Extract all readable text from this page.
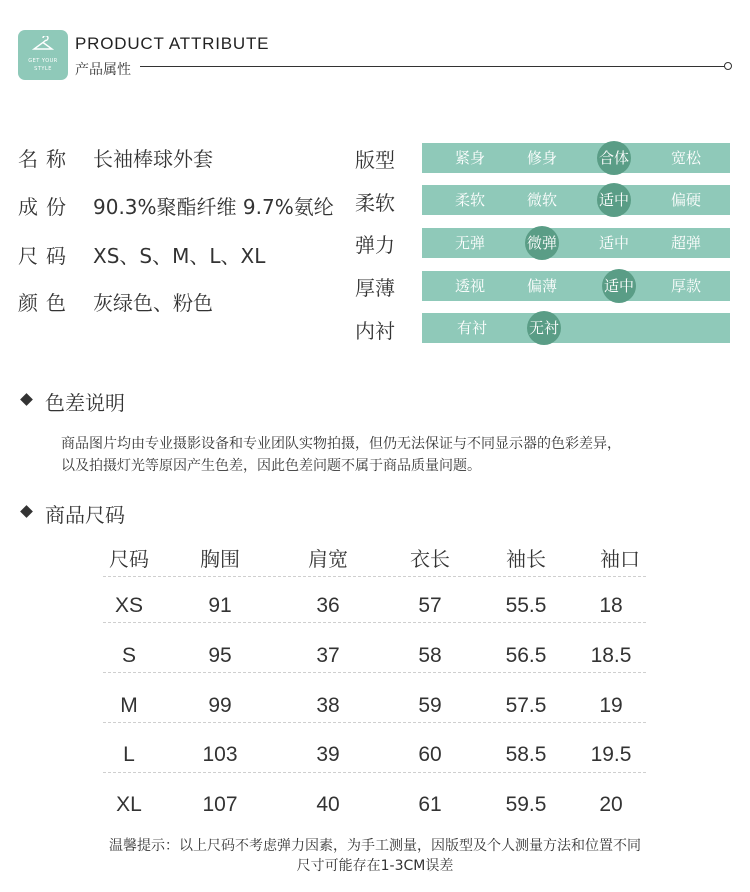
GET YOUR
STYLE
PRODUCT ATTRIBUTE
产品属性
名称 长袖棒球外套
成份 90.3%聚酯纤维 9.7%氨纶
尺码 XS、S、M、L、XL
颜色 灰绿色、粉色
版型	紧身	修身	合体	宽松
柔软	柔软	微软	适中	偏硬
弹力	无弹	微弹	适中	超弹
厚薄	透视	偏薄	适中	厚款
内衬	有衬	无衬
色差说明
商品图片均由专业摄影设备和专业团队实物拍摄，但仍无法保证与不同显示器的色彩差异，
以及拍摄灯光等原因产生色差，因此色差问题不属于商品质量问题。
商品尺码
尺码	胸围	肩宽	衣长	袖长	袖口
XS	91	36	57	55.5	18
S	95	37	58	56.5	18.5
M	99	38	59	57.5	19
L	103	39	60	58.5	19.5
XL	107	40	61	59.5	20
温馨提示：以上尺码不考虑弹力因素，为手工测量，因版型及个人测量方法和位置不同
尺寸可能存在1-3CM误差
